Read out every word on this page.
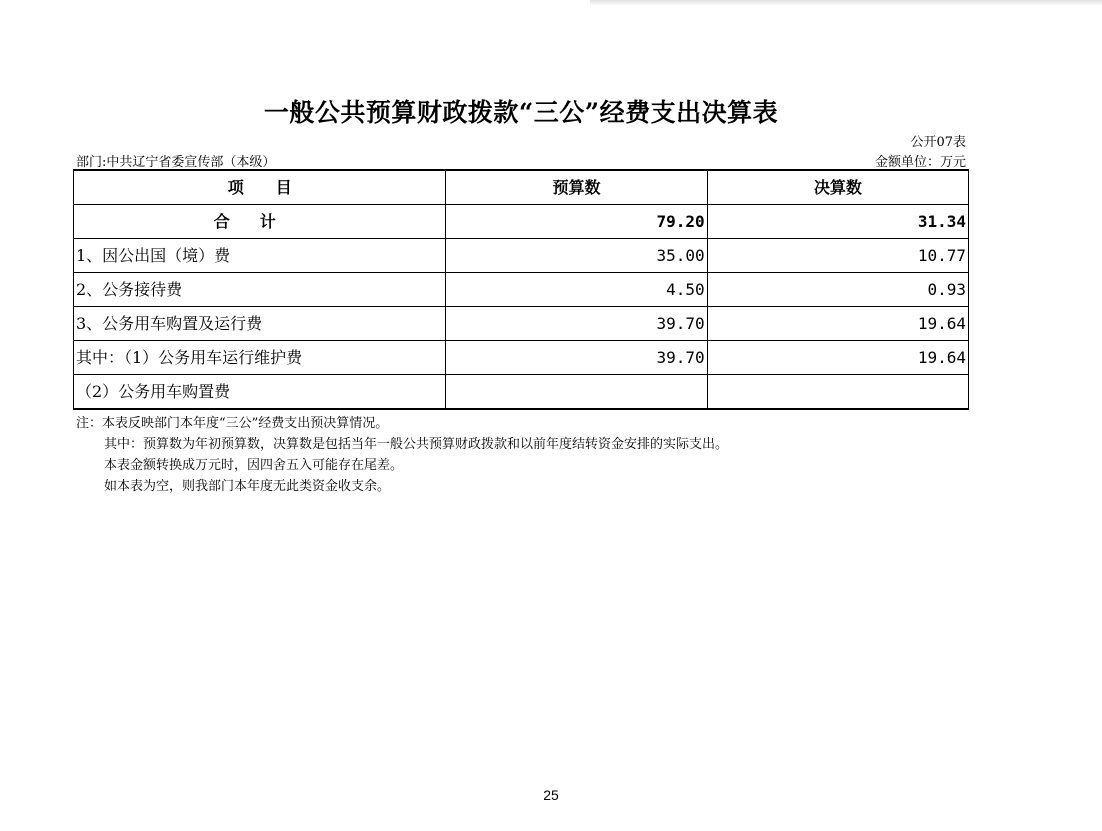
一般公共预算财政拨款“三公”经费支出决算表
公开07表
部门:中共辽宁省委宣传部（本级）	金额单位：万元
项　　目	预算数	决算数
合计	79.20	31.34
1、因公出国（境）费	35.00	10.77
2、公务接待费	4.50	0.93
3、公务用车购置及运行费	39.70	19.64
其中：（1）公务用车运行维护费	39.70	19.64
（2）公务用车购置费		
注：本表反映部门本年度“三公”经费支出预决算情况。
其中：预算数为年初预算数，决算数是包括当年一般公共预算财政拨款和以前年度结转资金安排的实际支出。
本表金额转换成万元时，因四舍五入可能存在尾差。
如本表为空，则我部门本年度无此类资金收支余。
25
